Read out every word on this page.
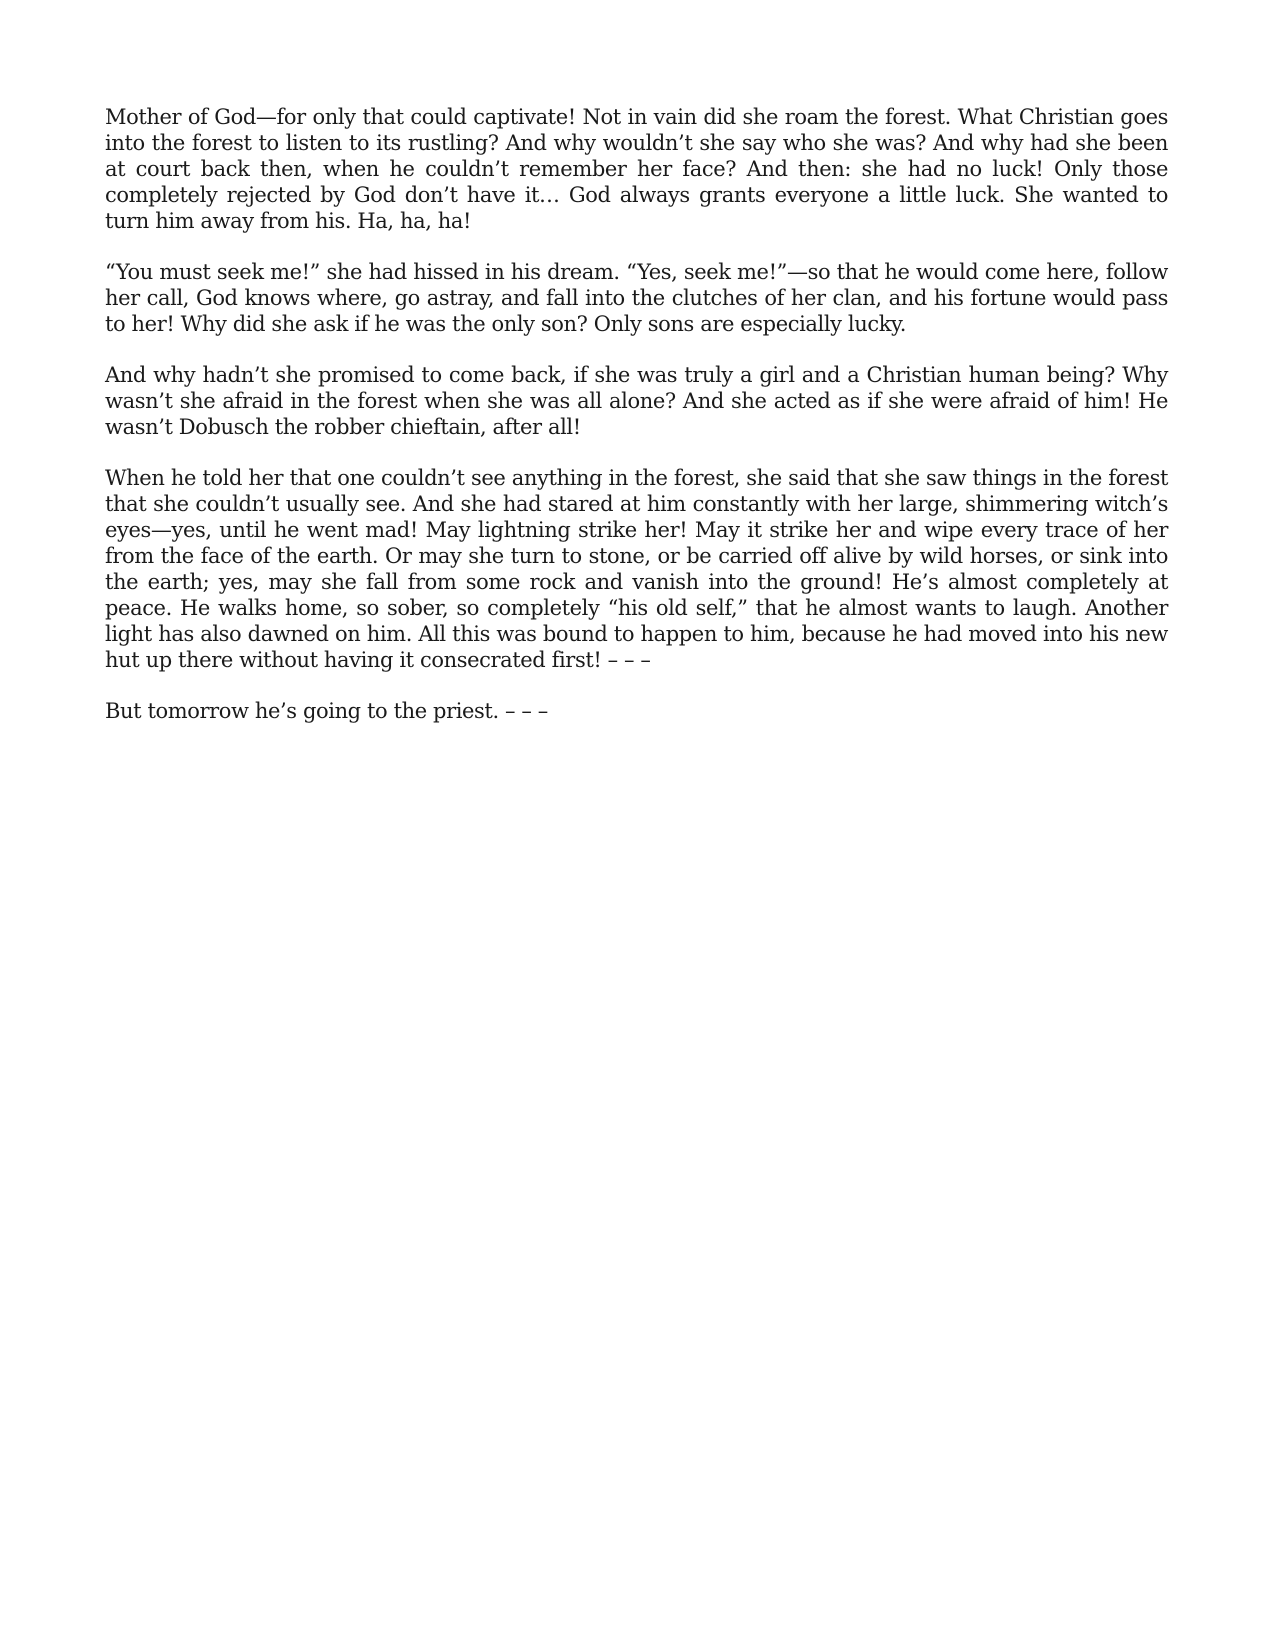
Mother of God—for only that could captivate! Not in vain did she roam the forest. What Christian goes into the forest to listen to its rustling? And why wouldn’t she say who she was? And why had she been at court back then, when he couldn’t remember her face? And then: she had no luck! Only those completely rejected by God don’t have it… God always grants everyone a little luck. She wanted to turn him away from his. Ha, ha, ha!

“You must seek me!” she had hissed in his dream. “Yes, seek me!”—so that he would come here, follow her call, God knows where, go astray, and fall into the clutches of her clan, and his fortune would pass to her! Why did she ask if he was the only son? Only sons are especially lucky.

And why hadn’t she promised to come back, if she was truly a girl and a Christian human being? Why wasn’t she afraid in the forest when she was all alone? And she acted as if she were afraid of him! He wasn’t Dobusch the robber chieftain, after all!

When he told her that one couldn’t see anything in the forest, she said that she saw things in the forest that she couldn’t usually see. And she had stared at him constantly with her large, shimmering witch’s eyes—yes, until he went mad! May lightning strike her! May it strike her and wipe every trace of her from the face of the earth. Or may she turn to stone, or be carried off alive by wild horses, or sink into the earth; yes, may she fall from some rock and vanish into the ground! He’s almost completely at peace. He walks home, so sober, so completely “his old self,” that he almost wants to laugh. Another light has also dawned on him. All this was bound to happen to him, because he had moved into his new hut up there without having it consecrated first! – – –

But tomorrow he’s going to the priest. – – –
